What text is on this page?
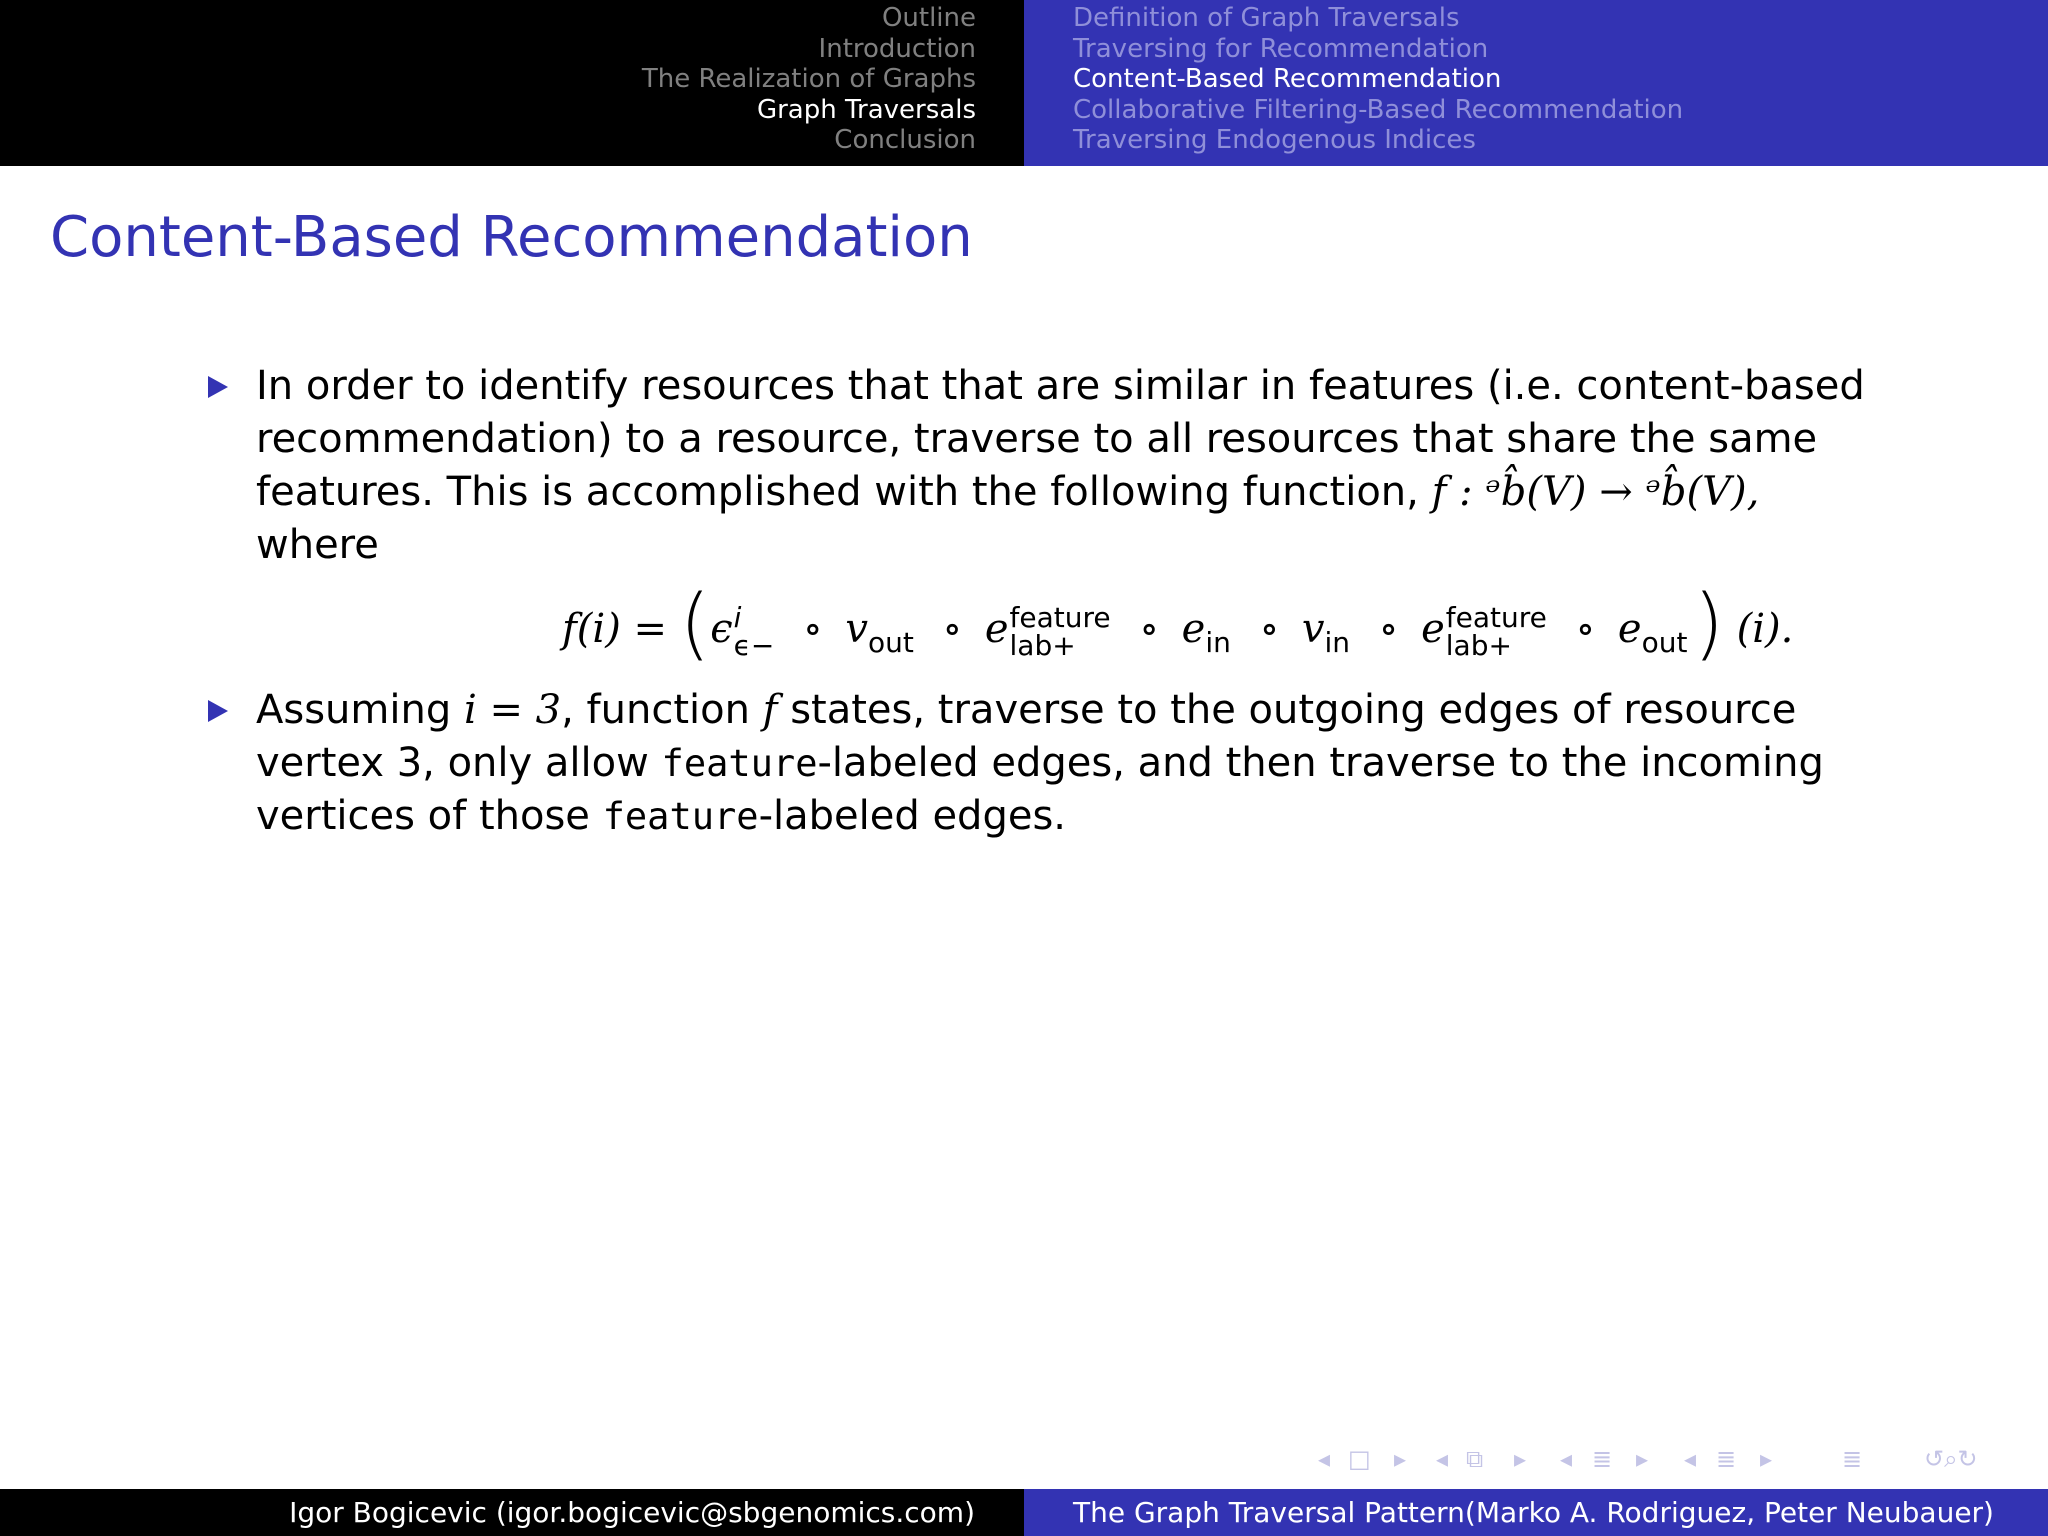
Outline
Introduction
The Realization of Graphs
Graph Traversals
Conclusion
Definition of Graph Traversals
Traversing for Recommendation
Content-Based Recommendation
Collaborative Filtering-Based Recommendation
Traversing Endogenous Indices
Content-Based Recommendation
In order to identify resources that that are similar in features (i.e. content-based recommendation) to a resource, traverse to all resources that share the same features. This is accomplished with the following function, f : ᵊb̂(V) → ᵊb̂(V),
where
f(i) = (ϵ i
ϵ− ∘ $v_{out}$ ∘ e feature
lab+	∘ $e_{in}$ ∘ $v_{in}$ ∘ e feature
lab+	∘ $e_{out}$) (i).
Assuming i = 3, function f states, traverse to the outgoing edges of resource vertex 3, only allow feature-labeled edges, and then traverse to the incoming vertices of those feature-labeled edges.
◂ □ ▸ ◂ ⧉ ▸ ◂ ≣ ▸ ◂ ≣ ▸	≣	↺⌕↻
Igor Bogicevic (igor.bogicevic@sbgenomics.com)	The Graph Traversal Pattern(Marko A. Rodriguez, Peter Neubauer)
